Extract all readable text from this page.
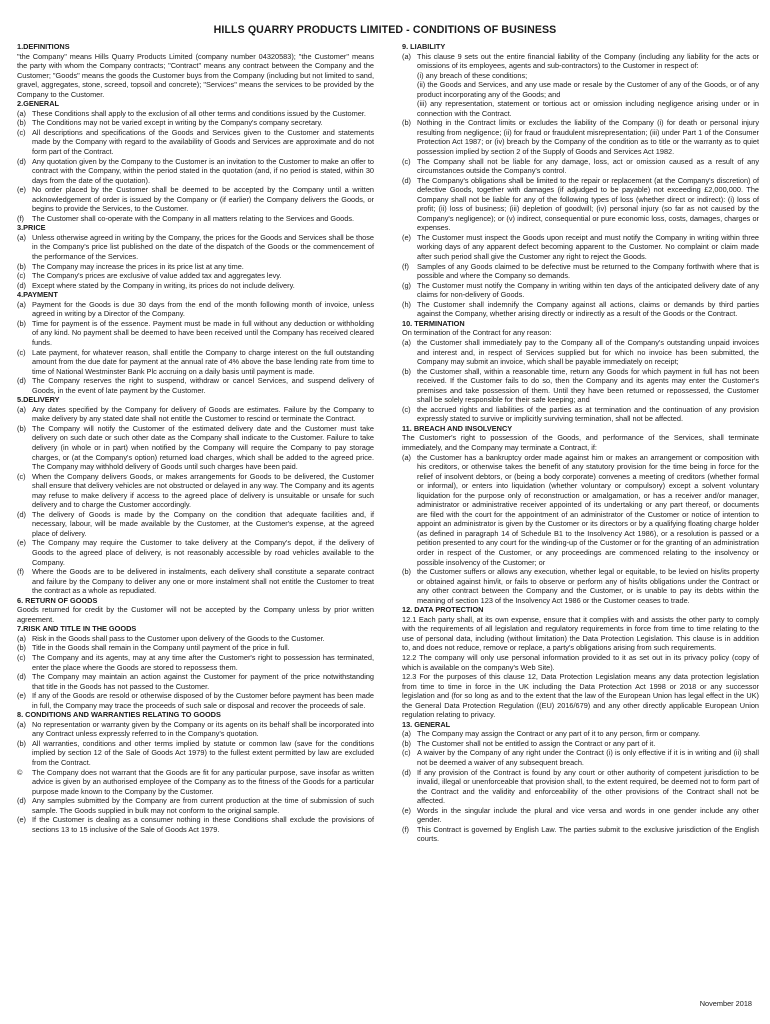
HILLS QUARRY PRODUCTS LIMITED - CONDITIONS OF BUSINESS
1.DEFINITIONS
"the Company" means Hills Quarry Products Limited (company number 04320583); "the Customer" means the party with whom the Company contracts; "Contract" means any contract between the Company and the Customer; "Goods" means the goods the Customer buys from the Company (including but not limited to sand, gravel, aggregates, stone, screed, topsoil and concrete); "Services" means the services to be provided by the Company to the Customer.
2.GENERAL
(a) These Conditions shall apply to the exclusion of all other terms and conditions issued by the Customer.
(b) The Conditions may not be varied except in writing by the Company's company secretary.
(c) All descriptions and specifications of the Goods and Services given to the Customer and statements made by the Company with regard to the availability of Goods and Services are approximate and do not form part of the Contract.
(d) Any quotation given by the Company to the Customer is an invitation to the Customer to make an offer to contract with the Company, within the period stated in the quotation (and, if no period is stated, within 30 days from the date of the quotation).
(e) No order placed by the Customer shall be deemed to be accepted by the Company until a written acknowledgement of order is issued by the Company or (if earlier) the Company delivers the Goods, or begins to provide the Services, to the Customer.
(f)	The Customer shall co-operate with the Company in all matters relating to the Services and Goods.
3.PRICE
(a) Unless otherwise agreed in writing by the Company, the prices for the Goods and Services shall be those in the Company's price list published on the date of the dispatch of the Goods or the commencement of the performance of the Services.
(b) The Company may increase the prices in its price list at any time.
(c) The Company's prices are exclusive of value added tax and aggregates levy.
(d) Except where stated by the Company in writing, its prices do not include delivery.
4.PAYMENT
(a) Payment for the Goods is due 30 days from the end of the month following month of invoice, unless agreed in writing by a Director of the Company.
(b) Time for payment is of the essence. Payment must be made in full without any deduction or withholding of any kind. No payment shall be deemed to have been received until the Company has received cleared funds.
(c) Late payment, for whatever reason, shall entitle the Company to charge interest on the full outstanding amount from the due date for payment at the annual rate of 4% above the base lending rate from time to time of National Westminster Bank Plc accruing on a daily basis until payment is made.
(d) The Company reserves the right to suspend, withdraw or cancel Services, and suspend delivery of Goods, in the event of late payment by the Customer.
5.DELIVERY
(a) Any dates specified by the Company for delivery of Goods are estimates. Failure by the Company to make delivery by any stated date shall not entitle the Customer to rescind or terminate the Contract.
(b) The Company will notify the Customer of the estimated delivery date and the Customer must take delivery on such date or such other date as the Company shall indicate to the Customer. Failure to take delivery (in whole or in part) when notified by the Company will require the Company to pay storage charges, or (at the Company's option) returned load charges, which shall be added to the agreed price. The Company may withhold delivery of Goods until such charges have been paid.
(c) When the Company delivers Goods, or makes arrangements for Goods to be delivered, the Customer shall ensure that delivery vehicles are not obstructed or delayed in any way. The Company and its agents may refuse to make delivery if access to the agreed place of delivery is unsuitable or unsafe for such delivery and to charge the Customer accordingly.
(d) The delivery of Goods is made by the Company on the condition that adequate facilities and, if necessary, labour, will be made available by the Customer, at the Customer's expense, at the agreed place of delivery.
(e) The Company may require the Customer to take delivery at the Company's depot, if the delivery of Goods to the agreed place of delivery, is not reasonably accessible by road vehicles available to the Company.
(f)	Where the Goods are to be delivered in instalments, each delivery shall constitute a separate contract and failure by the Company to deliver any one or more instalment shall not entitle the Customer to treat the contract as a whole as repudiated.
6. RETURN OF GOODS
Goods returned for credit by the Customer will not be accepted by the Company unless by prior written agreement.
7.RISK AND TITLE IN THE GOODS
(a) Risk in the Goods shall pass to the Customer upon delivery of the Goods to the Customer.
(b) Title in the Goods shall remain in the Company until payment of the price in full.
(c) The Company and its agents, may at any time after the Customer's right to possession has terminated, enter the place where the Goods are stored to repossess them.
(d) The Company may maintain an action against the Customer for payment of the price notwithstanding that title in the Goods has not passed to the Customer.
(e) If any of the Goods are resold or otherwise disposed of by the Customer before payment has been made in full, the Company may trace the proceeds of such sale or disposal and recover the proceeds of sale.
8. CONDITIONS AND WARRANTIES RELATING TO GOODS
(a) No representation or warranty given by the Company or its agents on its behalf shall be incorporated into any Contract unless expressly referred to in the Company's quotation.
(b) All warranties, conditions and other terms implied by statute or common law (save for the conditions implied by section 12 of the Sale of Goods Act 1979) to the fullest extent permitted by law are excluded from the Contract.
©	The Company does not warrant that the Goods are fit for any particular purpose, save insofar as written advice is given by an authorised employee of the Company as to the fitness of the Goods for a particular purpose made known to the Company by the Customer.
(d) Any samples submitted by the Company are from current production at the time of submission of such sample. The Goods supplied in bulk may not conform to the original sample.
(e) If the Customer is dealing as a consumer nothing in these Conditions shall exclude the provisions of sections 13 to 15 inclusive of the Sale of Goods Act 1979.
9. LIABILITY
(a) This clause 9 sets out the entire financial liability of the Company (including any liability for the acts or omissions of its employees, agents and sub-contractors) to the Customer in respect of:
(i) any breach of these conditions;
(ii) the Goods and Services, and any use made or resale by the Customer of any of the Goods, or of any product incorporating any of the Goods; and
(iii) any representation, statement or tortious act or omission including negligence arising under or in connection with the Contract.
(b) Nothing in the Contract limits or excludes the liability of the Company (i) for death or personal injury resulting from negligence; (ii) for fraud or fraudulent misrepresentation; (iii) under Part 1 of the Consumer Protection Act 1987; or (iv) breach by the Company of the condition as to title or the warranty as to quiet possession implied by section 2 of the Supply of Goods and Services Act 1982.
(c) The Company shall not be liable for any damage, loss, act or omission caused as a result of any circumstances outside the Company's control.
(d) The Company's obligations shall be limited to the repair or replacement (at the Company's discretion) of defective Goods, together with damages (if adjudged to be payable) not exceeding £2,000,000. The Company shall not be liable for any of the following types of loss (whether direct or indirect): (i) loss of profit; (ii) loss of business; (iii) depletion of goodwill; (iv) personal injury (so far as not caused by the Company's negligence); or (v) indirect, consequential or pure economic loss, costs, damages, charges or expenses.
(e) The Customer must inspect the Goods upon receipt and must notify the Company in writing within three working days of any apparent defect becoming apparent to the Customer. No complaint or claim made after such period shall give the Customer any right to reject the Goods.
(f)	Samples of any Goods claimed to be defective must be returned to the Company forthwith where that is possible and where the Company so demands.
(g) The Customer must notify the Company in writing within ten days of the anticipated delivery date of any claims for non-delivery of Goods.
(h) The Customer shall indemnify the Company against all actions, claims or demands by third parties against the Company, whether arising directly or indirectly as a result of the Goods or the Contract.
10. TERMINATION
On termination of the Contract for any reason:
(a) the Customer shall immediately pay to the Company all of the Company's outstanding unpaid invoices and interest and, in respect of Services supplied but for which no invoice has been submitted, the Company may submit an invoice, which shall be payable immediately on receipt;
(b) the Customer shall, within a reasonable time, return any Goods for which payment in full has not been received. If the Customer fails to do so, then the Company and its agents may enter the Customer's premises and take possession of them. Until they have been returned or repossessed, the Customer shall be solely responsible for their safe keeping; and
(c) the accrued rights and liabilities of the parties as at termination and the continuation of any provision expressly stated to survive or implicitly surviving termination, shall not be affected.
11. BREACH AND INSOLVENCY
The Customer's right to possession of the Goods, and performance of the Services, shall terminate immediately, and the Company may terminate a Contract, if:
(a) the Customer has a bankruptcy order made against him or makes an arrangement or composition with his creditors, or otherwise takes the benefit of any statutory provision for the time being in force for the relief of insolvent debtors, or (being a body corporate) convenes a meeting of creditors (whether formal or informal), or enters into liquidation (whether voluntary or compulsory) except a solvent voluntary liquidation for the purpose only of reconstruction or amalgamation, or has a receiver and/or manager, administrator or administrative receiver appointed of its undertaking or any part thereof, or documents are filed with the court for the appointment of an administrator of the Customer or notice of intention to appoint an administrator is given by the Customer or its directors or by a qualifying floating charge holder (as defined in paragraph 14 of Schedule B1 to the Insolvency Act 1986), or a resolution is passed or a petition presented to any court for the winding-up of the Customer or for the granting of an administration order in respect of the Customer, or any proceedings are commenced relating to the insolvency or possible insolvency of the Customer; or
(b) the Customer suffers or allows any execution, whether legal or equitable, to be levied on his/its property or obtained against him/it, or fails to observe or perform any of his/its obligations under the Contract or any other contract between the Company and the Customer, or is unable to pay its debts within the meaning of section 123 of the Insolvency Act 1986 or the Customer ceases to trade.
12. DATA PROTECTION
12.1 Each party shall, at its own expense, ensure that it complies with and assists the other party to comply with the requirements of all legislation and regulatory requirements in force from time to time relating to the use of personal data, including (without limitation) the Data Protection Legislation. This clause is in addition to, and does not reduce, remove or replace, a party's obligations arising from such requirements.
12.2 The company will only use personal information provided to it as set out in its privacy policy (copy of which is available on the company's Web Site).
12.3 For the purposes of this clause 12, Data Protection Legislation means any data protection legislation from time to time in force in the UK including the Data Protection Act 1998 or 2018 or any successor legislation and (for so long as and to the extent that the law of the European Union has legal effect in the UK) the General Data Protection Regulation ((EU) 2016/679) and any other directly applicable European Union regulation relating to privacy.
13. GENERAL
(a) The Company may assign the Contract or any part of it to any person, firm or company.
(b) The Customer shall not be entitled to assign the Contract or any part of it.
(c) A waiver by the Company of any right under the Contract (i) is only effective if it is in writing and (ii) shall not be deemed a waiver of any subsequent breach.
(d) If any provision of the Contract is found by any court or other authority of competent jurisdiction to be invalid, illegal or unenforceable that provision shall, to the extent required, be deemed not to form part of the Contract and the validity and enforceability of the other provisions of the Contract shall not be affected.
(e) Words in the singular include the plural and vice versa and words in one gender include any other gender.
(f)	This Contract is governed by English Law. The parties submit to the exclusive jurisdiction of the English courts.
November 2018
